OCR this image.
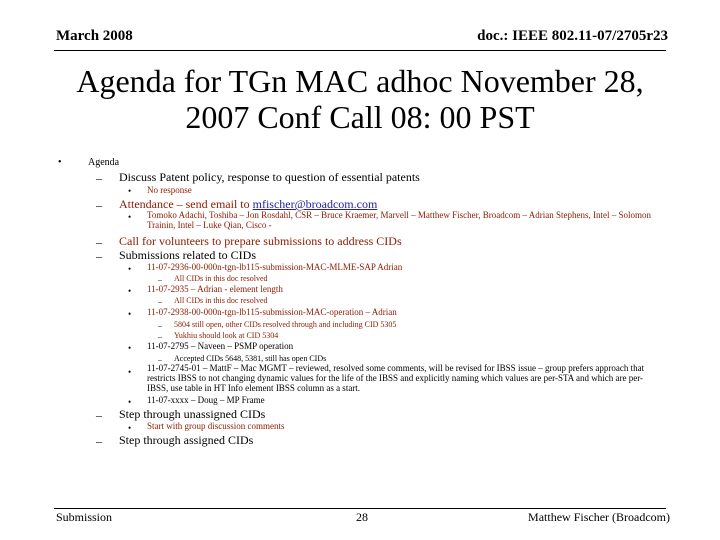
March 2008	doc.: IEEE 802.11-07/2705r23
Agenda for TGn MAC adhoc November 28,
2007 Conf Call 08: 00 PST
•	Agenda
– Discuss Patent policy, response to question of essential patents
• No response
– Attendance – send email to mfischer@broadcom.com
• Tomoko Adachi, Toshiba – Jon Rosdahl, CSR – Bruce Kraemer, Marvell – Matthew Fischer, Broadcom – Adrian Stephens, Intel – Solomon Trainin, Intel – Luke Qian, Cisco -
– Call for volunteers to prepare submissions to address CIDs
– Submissions related to CIDs
• 11-07-2936-00-000n-tgn-lb115-submission-MAC-MLME-SAP Adrian
– All CIDs in this doc resolved
• 11-07-2935 – Adrian - element length
– All CIDs in this doc resolved
• 11-07-2938-00-000n-tgn-lb115-submission-MAC-operation – Adrian
– 5804 still open, other CIDs resolved through and including CID 5305
– Yukhiu should look at CID 5304
• 11-07-2795 – Naveen – PSMP operation
– Accepted CIDs 5648, 5381, still has open CIDs
• 11-07-2745-01 – MattF – Mac MGMT – reviewed, resolved some comments, will be revised for IBSS issue – group prefers approach that restricts IBSS to not changing dynamic values for the life of the IBSS and explicitly naming which values are per-STA and which are per-IBSS, use table in HT Info element IBSS column as a start.
• 11-07-xxxx – Doug – MP Frame
– Step through unassigned CIDs
• Start with group discussion comments
– Step through assigned CIDs
Submission	28	Matthew Fischer (Broadcom)
